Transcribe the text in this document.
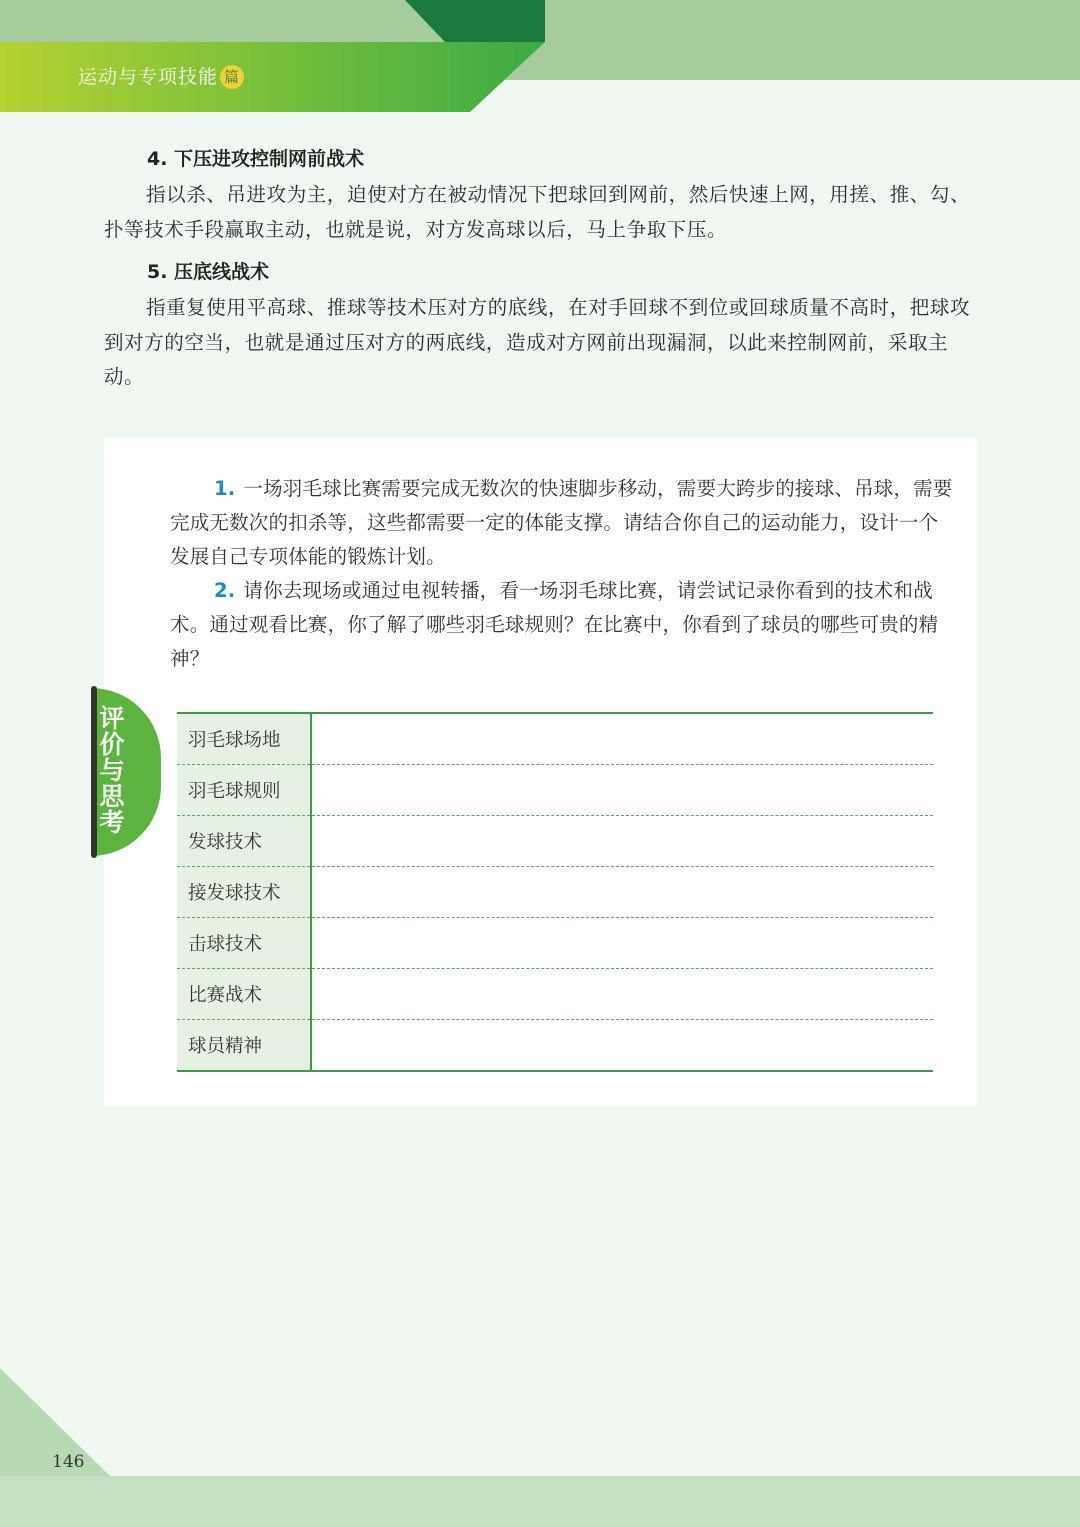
运动与专项技能 篇
4. 下压进攻控制网前战术

指以杀、吊进攻为主，迫使对方在被动情况下把球回到网前，然后快速上网，用搓、推、勾、扑等技术手段赢取主动，也就是说，对方发高球以后，马上争取下压。

5. 压底线战术

指重复使用平高球、推球等技术压对方的底线，在对手回球不到位或回球质量不高时，把球攻到对方的空当，也就是通过压对方的两底线，造成对方网前出现漏洞，以此来控制网前，采取主动。

1. 一场羽毛球比赛需要完成无数次的快速脚步移动，需要大跨步的接球、吊球，需要完成无数次的扣杀等，这些都需要一定的体能支撑。请结合你自己的运动能力，设计一个发展自己专项体能的锻炼计划。

2. 请你去现场或通过电视转播，看一场羽毛球比赛，请尝试记录你看到的技术和战术。通过观看比赛，你了解了哪些羽毛球规则？在比赛中，你看到了球员的哪些可贵的精神？

评价与思考
羽毛球场地	
羽毛球规则	
发球技术	
接发球技术	
击球技术	
比赛战术	
球员精神	
146
